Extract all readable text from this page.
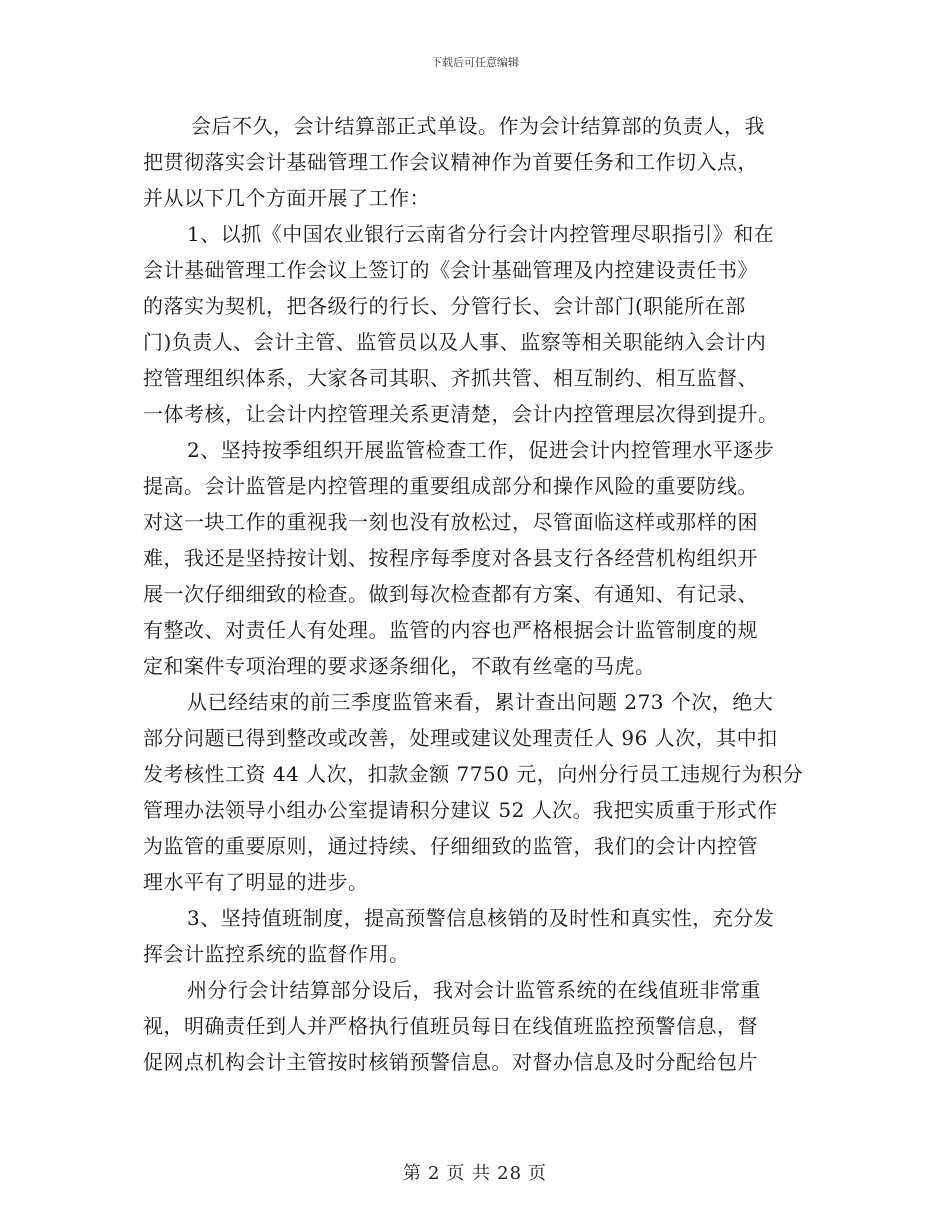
下载后可任意编辑
会后不久，会计结算部正式单设。作为会计结算部的负责人，我
把贯彻落实会计基础管理工作会议精神作为首要任务和工作切入点，
并从以下几个方面开展了工作：
1、以抓《中国农业银行云南省分行会计内控管理尽职指引》和在
会计基础管理工作会议上签订的《会计基础管理及内控建设责任书》
的落实为契机，把各级行的行长、分管行长、会计部门(职能所在部
门)负责人、会计主管、监管员以及人事、监察等相关职能纳入会计内
控管理组织体系，大家各司其职、齐抓共管、相互制约、相互监督、
一体考核，让会计内控管理关系更清楚，会计内控管理层次得到提升。
2、坚持按季组织开展监管检查工作，促进会计内控管理水平逐步
提高。会计监管是内控管理的重要组成部分和操作风险的重要防线。
对这一块工作的重视我一刻也没有放松过，尽管面临这样或那样的困
难，我还是坚持按计划、按程序每季度对各县支行各经营机构组织开
展一次仔细细致的检查。做到每次检查都有方案、有通知、有记录、
有整改、对责任人有处理。监管的内容也严格根据会计监管制度的规
定和案件专项治理的要求逐条细化，不敢有丝毫的马虎。
从已经结束的前三季度监管来看，累计查出问题 273 个次，绝大
部分问题已得到整改或改善，处理或建议处理责任人 96 人次，其中扣
发考核性工资 44 人次，扣款金额 7750 元，向州分行员工违规行为积分
管理办法领导小组办公室提请积分建议 52 人次。我把实质重于形式作
为监管的重要原则，通过持续、仔细细致的监管，我们的会计内控管
理水平有了明显的进步。
3、坚持值班制度，提高预警信息核销的及时性和真实性，充分发
挥会计监控系统的监督作用。
州分行会计结算部分设后，我对会计监管系统的在线值班非常重
视，明确责任到人并严格执行值班员每日在线值班监控预警信息，督
促网点机构会计主管按时核销预警信息。对督办信息及时分配给包片
第 2 页 共 28 页
